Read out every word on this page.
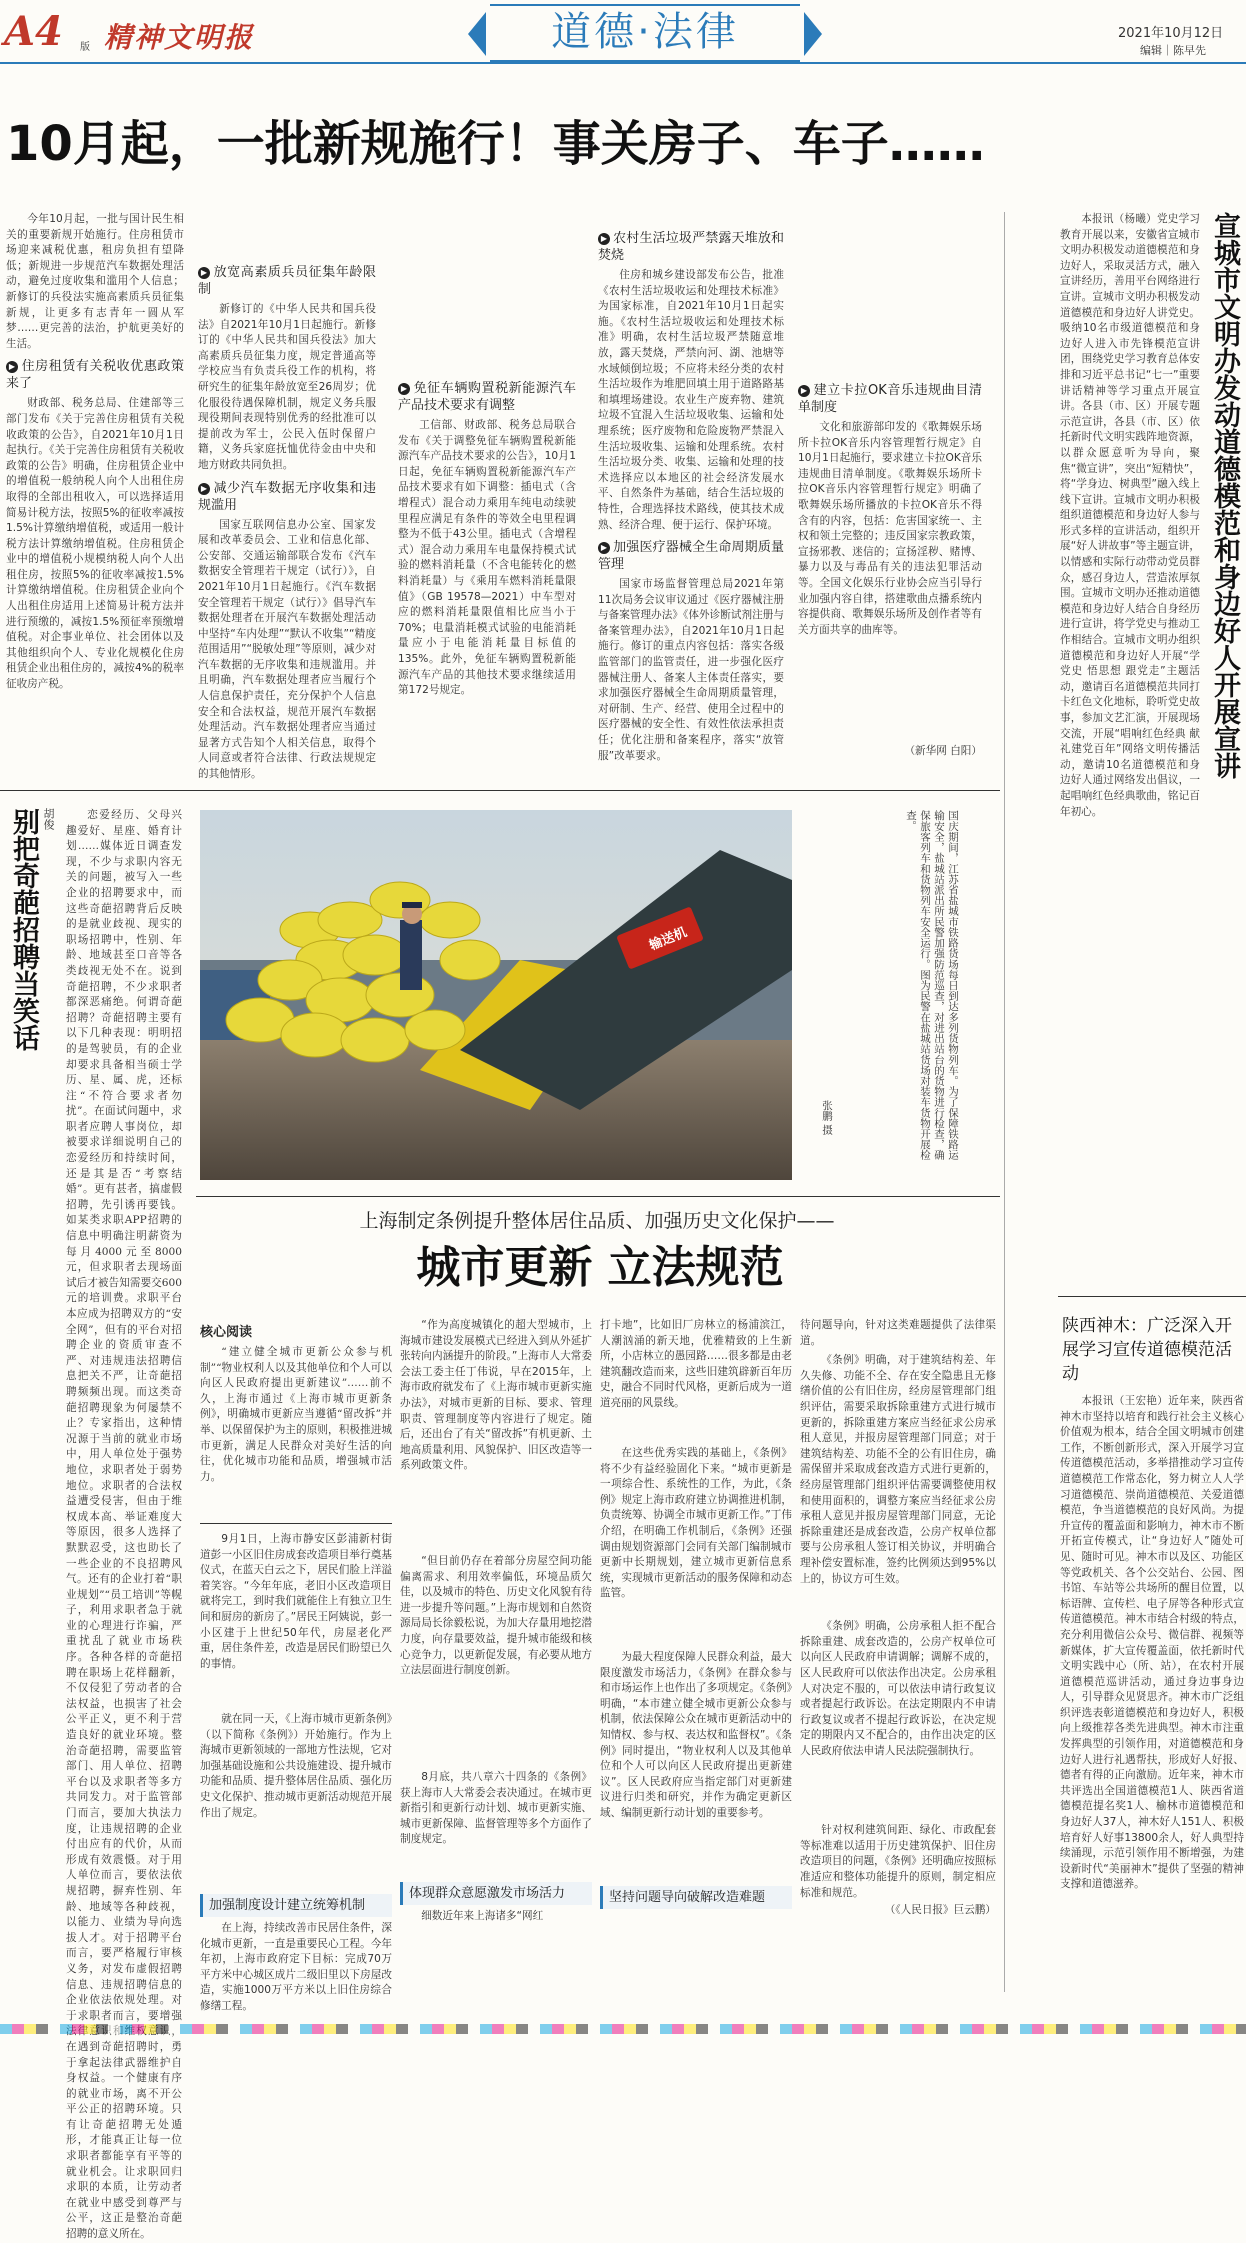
A4 版 精神文明报	道德·法律	2021年10月12日
编辑｜陈早先
10月起，一批新规施行！事关房子、车子……

今年10月起，一批与国计民生相关的重要新规开始施行。住房租赁市场迎来减税优惠，租房负担有望降低；新规进一步规范汽车数据处理活动，避免过度收集和滥用个人信息；新修订的兵役法实施高素质兵员征集新规，让更多有志青年一圆从军梦……更完善的法治，护航更美好的生活。

▶ 住房租赁有关税收优惠政策来了

财政部、税务总局、住建部等三部门发布《关于完善住房租赁有关税收政策的公告》，自2021年10月1日起执行。《关于完善住房租赁有关税收政策的公告》明确，住房租赁企业中的增值税一般纳税人向个人出租住房取得的全部出租收入，可以选择适用简易计税方法，按照5%的征收率减按1.5%计算缴纳增值税，或适用一般计税方法计算缴纳增值税。住房租赁企业中的增值税小规模纳税人向个人出租住房，按照5%的征收率减按1.5%计算缴纳增值税。住房租赁企业向个人出租住房适用上述简易计税方法并进行预缴的，减按1.5%预征率预缴增值税。对企事业单位、社会团体以及其他组织向个人、专业化规模化住房租赁企业出租住房的，减按4%的税率征收房产税。

▶ 放宽高素质兵员征集年龄限制

新修订的《中华人民共和国兵役法》自2021年10月1日起施行。新修订的《中华人民共和国兵役法》加大高素质兵员征集力度，规定普通高等学校应当有负责兵役工作的机构，将研究生的征集年龄放宽至26周岁；优化服役待遇保障机制，规定义务兵服现役期间表现特别优秀的经批准可以提前改为军士，公民入伍时保留户籍，义务兵家庭抚恤优待金由中央和地方财政共同负担。

▶ 减少汽车数据无序收集和违规滥用

国家互联网信息办公室、国家发展和改革委员会、工业和信息化部、公安部、交通运输部联合发布《汽车数据安全管理若干规定（试行）》，自2021年10月1日起施行。《汽车数据安全管理若干规定（试行）》倡导汽车数据处理者在开展汽车数据处理活动中坚持“车内处理”“默认不收集”“精度范围适用”“脱敏处理”等原则，减少对汽车数据的无序收集和违规滥用。并且明确，汽车数据处理者应当履行个人信息保护责任，充分保护个人信息安全和合法权益，规范开展汽车数据处理活动。汽车数据处理者应当通过显著方式告知个人相关信息，取得个人同意或者符合法律、行政法规规定的其他情形。

▶ 免征车辆购置税新能源汽车产品技术要求有调整

工信部、财政部、税务总局联合发布《关于调整免征车辆购置税新能源汽车产品技术要求的公告》，10月1日起，免征车辆购置税新能源汽车产品技术要求有如下调整：插电式（含增程式）混合动力乘用车纯电动续驶里程应满足有条件的等效全电里程调整为不低于43公里。插电式（含增程式）混合动力乘用车电量保持模式试验的燃料消耗量（不含电能转化的燃料消耗量）与《乘用车燃料消耗量限值》（GB 19578—2021）中车型对应的燃料消耗量限值相比应当小于70%；电量消耗模式试验的电能消耗量应小于电能消耗量目标值的135%。此外，免征车辆购置税新能源汽车产品的其他技术要求继续适用第172号规定。

▶ 农村生活垃圾严禁露天堆放和焚烧

住房和城乡建设部发布公告，批准《农村生活垃圾收运和处理技术标准》为国家标准，自2021年10月1日起实施。《农村生活垃圾收运和处理技术标准》明确，农村生活垃圾严禁随意堆放，露天焚烧，严禁向河、湖、池塘等水域倾倒垃圾；不应将未经分类的农村生活垃圾作为堆肥回填土用于道路路基和填埋场建设。农业生产废弃物、建筑垃圾不宜混入生活垃圾收集、运输和处理系统；医疗废物和危险废物严禁混入生活垃圾收集、运输和处理系统。农村生活垃圾分类、收集、运输和处理的技术选择应以本地区的社会经济发展水平、自然条件为基础，结合生活垃圾的特性，合理选择技术路线，使其技术成熟、经济合理、便于运行、保护环境。

▶ 加强医疗器械全生命周期质量管理

国家市场监督管理总局2021年第11次局务会议审议通过《医疗器械注册与备案管理办法》《体外诊断试剂注册与备案管理办法》，自2021年10月1日起施行。修订的重点内容包括：落实各级监管部门的监管责任，进一步强化医疗器械注册人、备案人主体责任落实，要求加强医疗器械全生命周期质量管理，对研制、生产、经营、使用全过程中的医疗器械的安全性、有效性依法承担责任；优化注册和备案程序，落实“放管服”改革要求。

▶ 建立卡拉OK音乐违规曲目清单制度

文化和旅游部印发的《歌舞娱乐场所卡拉OK音乐内容管理暂行规定》自10月1日起施行，要求建立卡拉OK音乐违规曲目清单制度。《歌舞娱乐场所卡拉OK音乐内容管理暂行规定》明确了歌舞娱乐场所播放的卡拉OK音乐不得含有的内容，包括：危害国家统一、主权和领土完整的；违反国家宗教政策，宣扬邪教、迷信的；宣扬淫秽、赌博、暴力以及与毒品有关的违法犯罪活动等。全国文化娱乐行业协会应当引导行业加强内容自律，搭建歌曲点播系统内容提供商、歌舞娱乐场所及创作者等有关方面共享的曲库等。

（新华网 白阳）	宣城市文明办发动道德模范和身边好人开展宣讲
本报讯（杨曦）党史学习教育开展以来，安徽省宣城市文明办积极发动道德模范和身边好人，采取灵活方式，融入宣讲经历，善用平台网络进行宣讲。宣城市文明办积极发动道德模范和身边好人讲党史。吸纳10名市级道德模范和身边好人进入市先锋模范宣讲团，围绕党史学习教育总体安排和习近平总书记“七一”重要讲话精神等学习重点开展宣讲。各县（市、区）开展专题示范宣讲，各县（市、区）依托新时代文明实践阵地资源，以群众愿意听为导向，聚焦“微宣讲”，突出“短精快”，将“学身边、树典型”融入线上线下宣讲。宣城市文明办积极组织道德模范和身边好人参与形式多样的宣讲活动，组织开展“好人讲故事”等主题宣讲，以情感和实际行动带动党员群众，感召身边人，营造浓厚氛围。宣城市文明办还推动道德模范和身边好人结合自身经历进行宣讲，将学党史与推动工作相结合。宣城市文明办组织道德模范和身边好人开展“学党史 悟思想 跟党走”主题活动，邀请百名道德模范共同打卡红色文化地标，聆听党史故事，参加文艺汇演，开展现场交流，开展“唱响红色经典 献礼建党百年”网络文明传播活动，邀请10名道德模范和身边好人通过网络发出倡议，一起唱响红色经典歌曲，铭记百年初心。
陕西神木：广泛深入开展学习宣传道德模范活动
本报讯（王宏艳）近年来，陕西省神木市坚持以培育和践行社会主义核心价值观为根本，结合全国文明城市创建工作，不断创新形式，深入开展学习宣传道德模范活动，多举措推动学习宣传道德模范工作常态化，努力树立人人学习道德模范、崇尚道德模范、关爱道德模范，争当道德模范的良好风尚。为提升宣传的覆盖面和影响力，神木市不断开拓宣传模式，让“身边好人”随处可见、随时可见。神木市以及区、功能区等党政机关、各个公交站台、公园、图书馆、车站等公共场所的醒目位置，以标语牌、宣传栏、电子屏等各种形式宣传道德模范。神木市结合村级的特点，充分利用微信公众号、微信群、视频等新媒体，扩大宣传覆盖面，依托新时代文明实践中心（所、站），在农村开展道德模范巡讲活动，通过身边事身边人，引导群众见贤思齐。神木市广泛组织评选表彰道德模范和身边好人，积极向上级推荐各类先进典型。神木市注重发挥典型的引领作用，对道德模范和身边好人进行礼遇帮扶，形成好人好报、德者有得的正向激励。近年来，神木市共评选出全国道德模范1人、陕西省道德模范提名奖1人、榆林市道德模范和身边好人37人，神木好人151人、积极培育好人好事13800余人，好人典型持续涌现，示范引领作用不断增强，为建设新时代“美丽神木”提供了坚强的精神支撑和道德滋养。
别把奇葩招聘当笑话 胡俊	恋爱经历、父母兴趣爱好、星座、婚育计划……媒体近日调查发现，不少与求职内容无关的问题，被写入一些企业的招聘要求中，而这些奇葩招聘背后反映的是就业歧视、现实的职场招聘中，性别、年龄、地域甚至口音等各类歧视无处不在。说到奇葩招聘，不少求职者都深恶痛绝。何谓奇葩招聘？奇葩招聘主要有以下几种表现：明明招的是驾驶员，有的企业却要求具备相当硕士学历、星、属、虎，还标注“不符合要求者勿扰”。在面试问题中，求职者应聘人事岗位，却被要求详细说明自己的恋爱经历和持续时间，还是其是否“考察结婚”。更有甚者，搞虚假招聘，先引诱再要钱。如某类求职APP招聘的信息中明确注明薪资为每月4000元至8000元，但求职者去现场面试后才被告知需要交600元的培训费。求职平台本应成为招聘双方的“安全网”，但有的平台对招聘企业的资质审查不严、对违规违法招聘信息把关不严，让奇葩招聘频频出现。而这类奇葩招聘现象为何屡禁不止？专家指出，这种情况源于当前的就业市场中，用人单位处于强势地位，求职者处于弱势地位。求职者的合法权益遭受侵害，但由于维权成本高、举证难度大等原因，很多人选择了默默忍受，这也助长了一些企业的不良招聘风气。还有的企业打着“职业规划”“员工培训”等幌子，利用求职者急于就业的心理进行诈骗，严重扰乱了就业市场秩序。各种各样的奇葩招聘在职场上花样翻新，不仅侵犯了劳动者的合法权益，也损害了社会公平正义，更不利于营造良好的就业环境。整治奇葩招聘，需要监管部门、用人单位、招聘平台以及求职者等多方共同发力。对于监管部门而言，要加大执法力度，让违规招聘的企业付出应有的代价，从而形成有效震慑。对于用人单位而言，要依法依规招聘，摒弃性别、年龄、地域等各种歧视，以能力、业绩为导向选拔人才。对于招聘平台而言，要严格履行审核义务，对发布虚假招聘信息、违规招聘信息的企业依法依规处理。对于求职者而言，要增强 在遇到奇葩招聘时，勇于拿起法律武器维护自身权益。一个健康有序的就业市场，离不开公平公正的招聘环境。只有让奇葩招聘无处遁形，才能真正让每一位求职者都能享有平等的就业机会。让求职回归求职的本质，让劳动者在就业中感受到尊严与公平，这正是整治奇葩招聘的意义所在。
输送机	国庆期间，江苏省盐城市铁路货场每日到达多列货物列车。为了保障铁路运输安全，盐城站派出所民警加强防范巡查，对进出站台的货物进行检查，确保旅客列车和货物列车安全运行。图为民警在盐城站货场对装车货物开展检查。
张鹏 摄
上海制定条例提升整体居住品质、加强历史文化保护——
城市更新 立法规范
核心阅读
“建立健全城市更新公众参与机制”“物业权利人以及其他单位和个人可以向区人民政府提出更新建议”……前不久，上海市通过《上海市城市更新条例》，明确城市更新应当遵循“留改拆”并举、以保留保护为主的原则，积极推进城市更新，满足人民群众对美好生活的向往，优化城市功能和品质，增强城市活力。

9月1日，上海市静安区彭浦新村街道彭一小区旧住房成套改造项目举行奠基仪式，在蓝天白云之下，居民们脸上洋溢着笑容。“今年年底，老旧小区改造项目就将完工，到时我们就能住上有独立卫生间和厨房的新房了。”居民王阿姨说，彭一小区建于上世纪50年代，房屋老化严重，居住条件差，改造是居民们盼望已久的事情。

就在同一天，《上海市城市更新条例》（以下简称《条例》）开始施行。作为上海城市更新领域的一部地方性法规，它对加强基础设施和公共设施建设、提升城市功能和品质、提升整体居住品质、强化历史文化保护、推动城市更新活动规范开展作出了规定。

加强制度设计建立统筹机制

在上海，持续改善市民居住条件，深化城市更新，一直是重要民心工程。今年年初，上海市政府定下目标：完成70万平方米中心城区成片二级旧里以下房屋改造，实施1000万平方米以上旧住房综合修缮工程。

“作为高度城镇化的超大型城市，上海城市建设发展模式已经进入到从外延扩张转向内涵提升的阶段。”上海市人大常委会法工委主任丁伟说，早在2015年，上海市政府就发布了《上海市城市更新实施办法》，对城市更新的目标、要求、管理职责、管理制度等内容进行了规定。随后，还出台了有关“留改拆”有机更新、土地高质量利用、风貌保护、旧区改造等一系列政策文件。

“但目前仍存在着部分房屋空间功能偏离需求、利用效率偏低，环境品质欠佳，以及城市的特色、历史文化风貌有待进一步提升等问题。”上海市规划和自然资源局局长徐毅松说，为加大存量用地挖潜力度，向存量要效益，提升城市能级和核心竞争力，以更新促发展，有必要从地方立法层面进行制度创新。

8月底，共八章六十四条的《条例》获上海市人大常委会表决通过。在城市更新指引和更新行动计划、城市更新实施、城市更新保障、监督管理等多个方面作了制度规定。

体现群众意愿激发市场活力

细数近年来上海诸多“网红

打卡地”，比如旧厂房林立的杨浦滨江，人潮汹涌的新天地，优雅精致的上生新所，小店林立的愚园路……很多都是由老建筑翻改造而来，这些旧建筑辟新百年历史，融合不同时代风格，更新后成为一道道亮丽的风景线。

在这些优秀实践的基础上，《条例》将不少有益经验固化下来。“城市更新是一项综合性、系统性的工作，为此，《条例》规定上海市政府建立协调推进机制，负责统筹、协调全市城市更新工作。”丁伟介绍，在明确工作机制后，《条例》还强调由规划资源部门会同有关部门编制城市更新中长期规划，建立城市更新信息系统，实现城市更新活动的服务保障和动态监管。

为最大程度保障人民群众利益，最大限度激发市场活力，《条例》在群众参与和市场运作上也作出了多项规定。《条例》明确，“本市建立健全城市更新公众参与机制，依法保障公众在城市更新活动中的知情权、参与权、表达权和监督权”。《条例》同时提出，“物业权利人以及其他单位和个人可以向区人民政府提出更新建议”。区人民政府应当指定部门对更新建议进行归类和研究，并作为确定更新区域、编制更新行动计划的重要参考。

坚持问题导向破解改造难题

待问题导向，针对这类难题提供了法律渠道。

《条例》明确，对于建筑结构差、年久失修、功能不全、存在安全隐患且无修缮价值的公有旧住房，经房屋管理部门组织评估，需要采取拆除重建方式进行城市更新的，拆除重建方案应当经征求公房承租人意见，并报房屋管理部门同意；对于建筑结构差、功能不全的公有旧住房，确需保留并采取成套改造方式进行更新的，经房屋管理部门组织评估需要调整使用权和使用面积的，调整方案应当经征求公房承租人意见并报房屋管理部门同意，无论拆除重建还是成套改造，公房产权单位都要与公房承租人签订相关协议，并明确合理补偿安置标准，签约比例须达到95%以上的，协议方可生效。

《条例》明确，公房承租人拒不配合拆除重建、成套改造的，公房产权单位可以向区人民政府申请调解；调解不成的，区人民政府可以依法作出决定。公房承租人对决定不服的，可以依法申请行政复议或者提起行政诉讼。在法定期限内不申请行政复议或者不提起行政诉讼，在决定规定的期限内又不配合的，由作出决定的区人民政府依法申请人民法院强制执行。

针对权利建筑间距、绿化、市政配套等标准难以适用于历史建筑保护、旧住房改造项目的问题，《条例》还明确应按照标准适应和整体功能提升的原则，制定相应标准和规范。

（《人民日报》巨云鹏）
